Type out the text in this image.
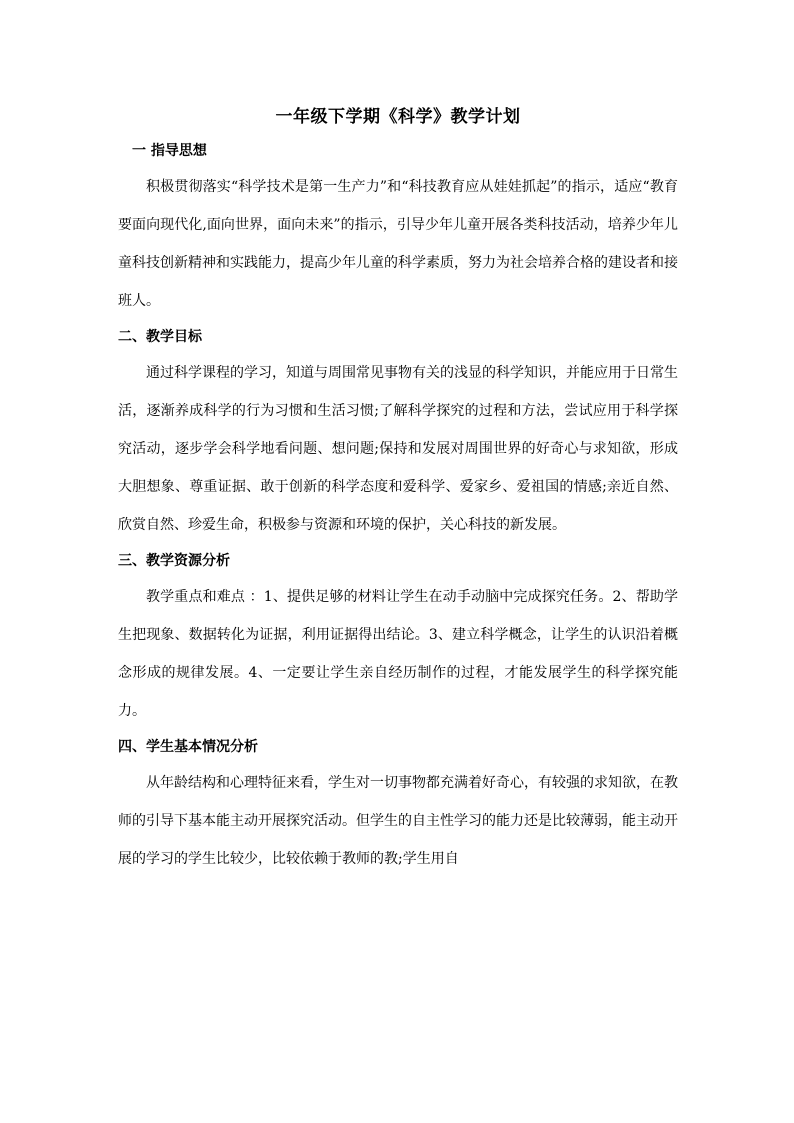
一年级下学期《科学》教学计划
一 指导思想

积极贯彻落实“科学技术是第一生产力”和“科技教育应从娃娃抓起”的指示，适应“教育要面向现代化,面向世界，面向未来”的指示，引导少年儿童开展各类科技活动，培养少年儿童科技创新精神和实践能力，提高少年儿童的科学素质，努力为社会培养合格的建设者和接班人。

二、教学目标

通过科学课程的学习，知道与周围常见事物有关的浅显的科学知识，并能应用于日常生活，逐渐养成科学的行为习惯和生活习惯;了解科学探究的过程和方法，尝试应用于科学探究活动，逐步学会科学地看问题、想问题;保持和发展对周围世界的好奇心与求知欲，形成大胆想象、尊重证据、敢于创新的科学态度和爱科学、爱家乡、爱祖国的情感;亲近自然、欣赏自然、珍爱生命，积极参与资源和环境的保护，关心科技的新发展。

三、教学资源分析

教学重点和难点 ：1、提供足够的材料让学生在动手动脑中完成探究任务。2、帮助学生把现象、数据转化为证据，利用证据得出结论。3、建立科学概念，让学生的认识沿着概念形成的规律发展。4、一定要让学生亲自经历制作的过程，才能发展学生的科学探究能力。

四、学生基本情况分析

从年龄结构和心理特征来看，学生对一切事物都充满着好奇心，有较强的求知欲，在教师的引导下基本能主动开展探究活动。但学生的自主性学习的能力还是比较薄弱，能主动开展的学习的学生比较少，比较依赖于教师的教;学生用自
